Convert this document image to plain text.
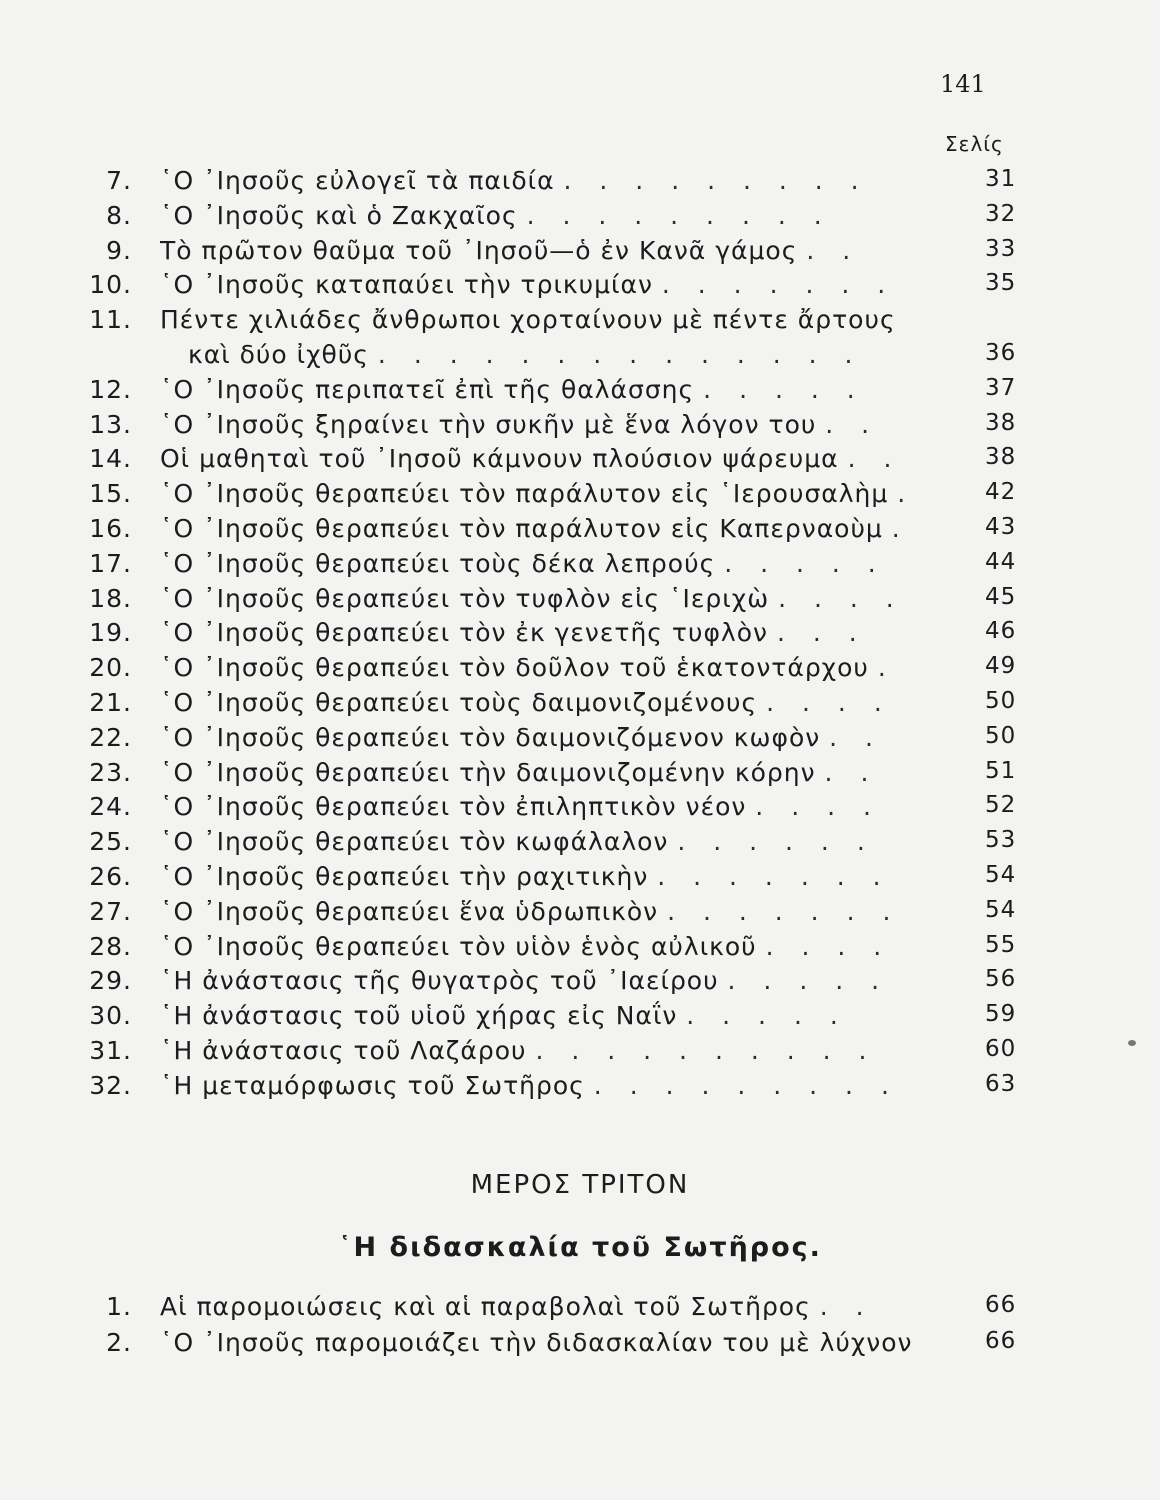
141
Σελίς
7. ῾Ο ᾿Ιησοῦς εὐλογεῖ τὰ παιδία . . . . . . . . .	31
8. ῾Ο ᾿Ιησοῦς καὶ ὁ Ζακχαῖος . . . . . . . . .	32
9. Τὸ πρῶτον θαῦμα τοῦ ᾿Ιησοῦ—ὁ ἐν Κανᾶ γάμος . .	33
10. ῾Ο ᾿Ιησοῦς καταπαύει τὴν τρικυμίαν . . . . . . .	35
11. Πέντε χιλιάδες ἄνθρωποι χορταίνουν μὲ πέντε ἄρτους
καὶ δύο ἰχθῦς . . . . . . . . . . . . . .	36
12. ῾Ο ᾿Ιησοῦς περιπατεῖ ἐπὶ τῆς θαλάσσης . . . . .	37
13. ῾Ο ᾿Ιησοῦς ξηραίνει τὴν συκῆν μὲ ἕνα λόγον του . .	38
14. Οἱ μαθηταὶ τοῦ ᾿Ιησοῦ κάμνουν πλούσιον ψάρευμα . .	38
15. ῾Ο ᾿Ιησοῦς θεραπεύει τὸν παράλυτον εἰς ῾Ιερουσαλὴμ .	42
16. ῾Ο ᾿Ιησοῦς θεραπεύει τὸν παράλυτον εἰς Καπερναοὺμ .	43
17. ῾Ο ᾿Ιησοῦς θεραπεύει τοὺς δέκα λεπρούς . . . . .	44
18. ῾Ο ᾿Ιησοῦς θεραπεύει τὸν τυφλὸν εἰς ῾Ιεριχὼ . . . .	45
19. ῾Ο ᾿Ιησοῦς θεραπεύει τὸν ἐκ γενετῆς τυφλὸν . . .	46
20. ῾Ο ᾿Ιησοῦς θεραπεύει τὸν δοῦλον τοῦ ἑκατοντάρχου .	49
21. ῾Ο ᾿Ιησοῦς θεραπεύει τοὺς δαιμονιζομένους . . . .	50
22. ῾Ο ᾿Ιησοῦς θεραπεύει τὸν δαιμονιζόμενον κωφὸν . .	50
23. ῾Ο ᾿Ιησοῦς θεραπεύει τὴν δαιμονιζομένην κόρην . .	51
24. ῾Ο ᾿Ιησοῦς θεραπεύει τὸν ἐπιληπτικὸν νέον . . . .	52
25. ῾Ο ᾿Ιησοῦς θεραπεύει τὸν κωφάλαλον . . . . . .	53
26. ῾Ο ᾿Ιησοῦς θεραπεύει τὴν ραχιτικὴν . . . . . . .	54
27. ῾Ο ᾿Ιησοῦς θεραπεύει ἕνα ὑδρωπικὸν . . . . . . .	54
28. ῾Ο ᾿Ιησοῦς θεραπεύει τὸν υἱὸν ἑνὸς αὐλικοῦ . . . .	55
29. ῾Η ἀνάστασις τῆς θυγατρὸς τοῦ ᾿Ιαείρου . . . . .	56
30. ῾Η ἀνάστασις τοῦ υἱοῦ χήρας εἰς Ναΐν . . . . .	59
31. ῾Η ἀνάστασις τοῦ Λαζάρου . . . . . . . . . .	60
32. ῾Η μεταμόρφωσις τοῦ Σωτῆρος . . . . . . . . .	63
1. Αἱ παρομοιώσεις καὶ αἱ παραβολαὶ τοῦ Σωτῆρος . .	66
2. ῾Ο ᾿Ιησοῦς παρομοιάζει τὴν διδασκαλίαν του μὲ λύχνον	66
ΜΕΡΟΣ ΤΡΙΤΟΝ
῾Η διδασκαλία τοῦ Σωτῆρος.
